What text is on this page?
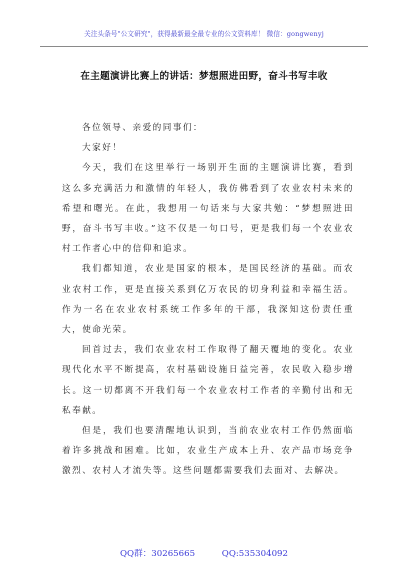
关注头条号"公文研究"，获得最新最全最专业的公文资料库！ 微信：gongwenyj
在主题演讲比赛上的讲话：梦想照进田野，奋斗书写丰收

各位领导、亲爱的同事们：

大家好！

今天，我们在这里举行一场别开生面的主题演讲比赛，看到这么多充满活力和激情的年轻人，我仿佛看到了农业农村未来的希望和曙光。在此，我想用一句话来与大家共勉：“梦想照进田野，奋斗书写丰收。”这不仅是一句口号，更是我们每一个农业农村工作者心中的信仰和追求。

我们都知道，农业是国家的根本，是国民经济的基础。而农业农村工作，更是直接关系到亿万农民的切身利益和幸福生活。作为一名在农业农村系统工作多年的干部，我深知这份责任重大，使命光荣。

回首过去，我们农业农村工作取得了翻天覆地的变化。农业现代化水平不断提高，农村基础设施日益完善，农民收入稳步增长。这一切都离不开我们每一个农业农村工作者的辛勤付出和无私奉献。

但是，我们也要清醒地认识到，当前农业农村工作仍然面临着许多挑战和困难。比如，农业生产成本上升、农产品市场竞争激烈、农村人才流失等。这些问题都需要我们去面对、去解决。

QQ群：30265665	QQ:535304092
